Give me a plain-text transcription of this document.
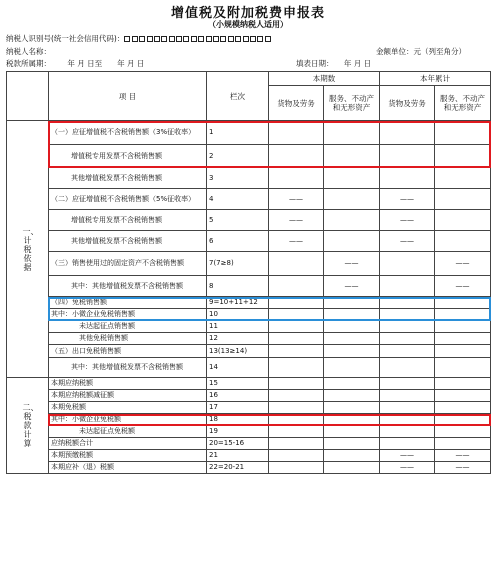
增值税及附加税费申报表
（小规模纳税人适用）
纳税人识别号(统一社会信用代码)：
纳税人名称：	金额单位：元（列至角分）
税款所属期： 年 月 日至　　年 月 日	填表日期： 年 月 日
	项 目	栏次	本期数		本年累计	
			货物及劳务	服务、不动产和无形资产	货物及劳务	服务、不动产和无形资产
一、计税依据	（一）应征增值税不含税销售额（3%征收率）	1				
	增值税专用发票不含税销售额	2				
	其他增值税发票不含税销售额	3				
	（二）应征增值税不含税销售额（5%征收率）	4	——		——	
	增值税专用发票不含税销售额	5	——		——	
	其他增值税发票不含税销售额	6	——		——	
	（三）销售使用过的固定资产不含税销售额	7(7≥8)		——		——
	其中：其他增值税发票不含税销售额	8		——		——
	（四）免税销售额	9=10+11+12				
	其中：小微企业免税销售额	10				
	未达起征点销售额	11				
	其他免税销售额	12				
	（五）出口免税销售额	13(13≥14)				
	其中：其他增值税发票不含税销售额	14				
二、税款计算	本期应纳税额	15				
	本期应纳税额减征额	16				
	本期免税额	17				
	其中：小微企业免税额	18				
	未达起征点免税额	19				
	应纳税额合计	20=15-16				
	本期预缴税额	21			——	——
	本期应补（退）税额	22=20-21			——	——
